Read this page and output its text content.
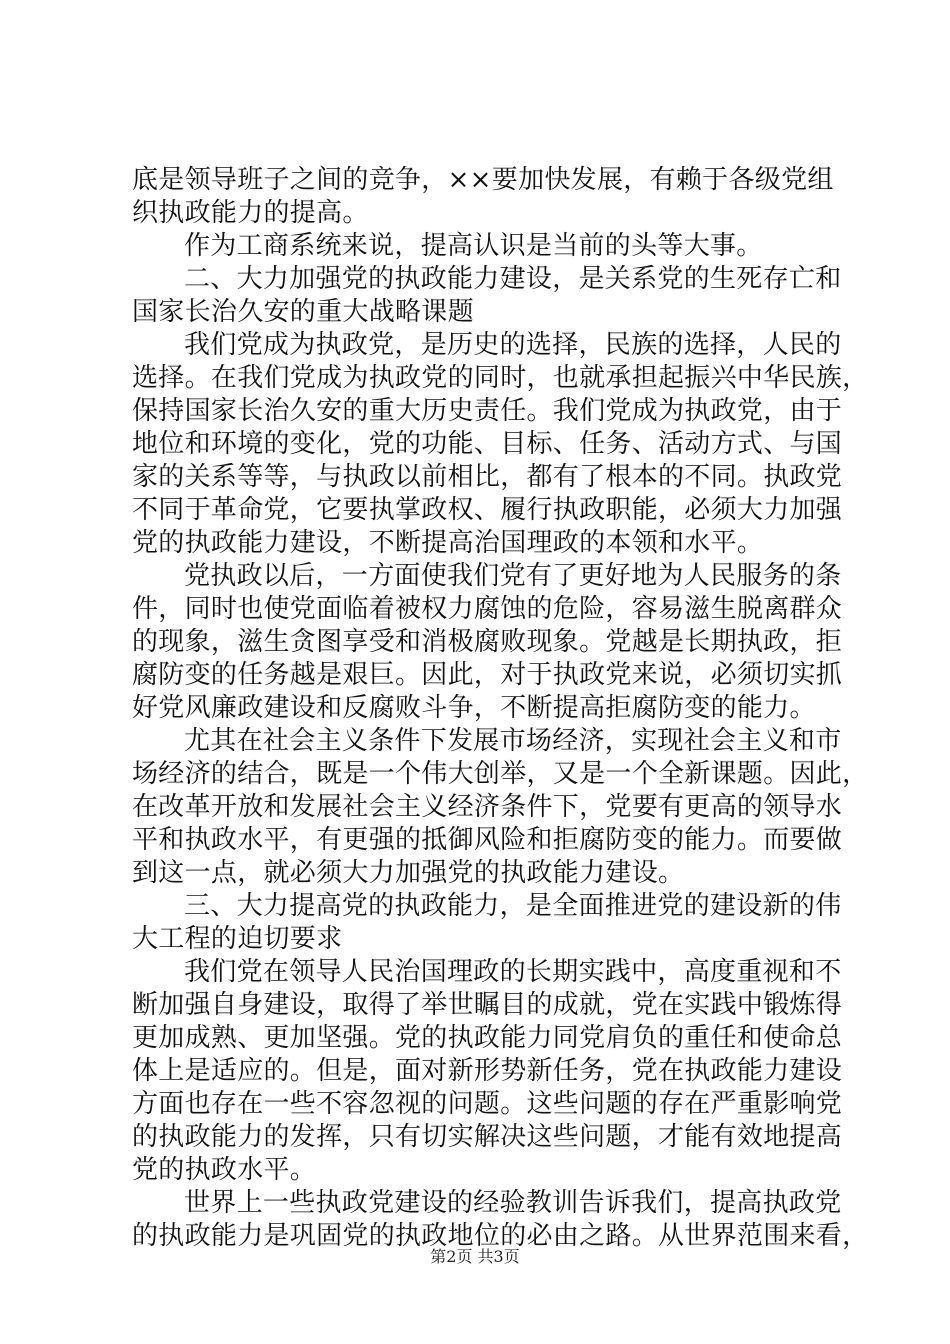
底是领导班子之间的竞争，××要加快发展，有赖于各级党组
织执政能力的提高。
作为工商系统来说，提高认识是当前的头等大事。
二、大力加强党的执政能力建设，是关系党的生死存亡和
国家长治久安的重大战略课题
我们党成为执政党，是历史的选择，民族的选择，人民的
选择。在我们党成为执政党的同时，也就承担起振兴中华民族，
保持国家长治久安的重大历史责任。我们党成为执政党，由于
地位和环境的变化，党的功能、目标、任务、活动方式、与国
家的关系等等，与执政以前相比，都有了根本的不同。执政党
不同于革命党，它要执掌政权、履行执政职能，必须大力加强
党的执政能力建设，不断提高治国理政的本领和水平。
党执政以后，一方面使我们党有了更好地为人民服务的条
件，同时也使党面临着被权力腐蚀的危险，容易滋生脱离群众
的现象，滋生贪图享受和消极腐败现象。党越是长期执政，拒
腐防变的任务越是艰巨。因此，对于执政党来说，必须切实抓
好党风廉政建设和反腐败斗争，不断提高拒腐防变的能力。
尤其在社会主义条件下发展市场经济，实现社会主义和市
场经济的结合，既是一个伟大创举，又是一个全新课题。因此，
在改革开放和发展社会主义经济条件下，党要有更高的领导水
平和执政水平，有更强的抵御风险和拒腐防变的能力。而要做
到这一点，就必须大力加强党的执政能力建设。
三、大力提高党的执政能力，是全面推进党的建设新的伟
大工程的迫切要求
我们党在领导人民治国理政的长期实践中，高度重视和不
断加强自身建设，取得了举世瞩目的成就，党在实践中锻炼得
更加成熟、更加坚强。党的执政能力同党肩负的重任和使命总
体上是适应的。但是，面对新形势新任务，党在执政能力建设
方面也存在一些不容忽视的问题。这些问题的存在严重影响党
的执政能力的发挥，只有切实解决这些问题，才能有效地提高
党的执政水平。
世界上一些执政党建设的经验教训告诉我们，提高执政党
的执政能力是巩固党的执政地位的必由之路。从世界范围来看，
第2页 共3页
